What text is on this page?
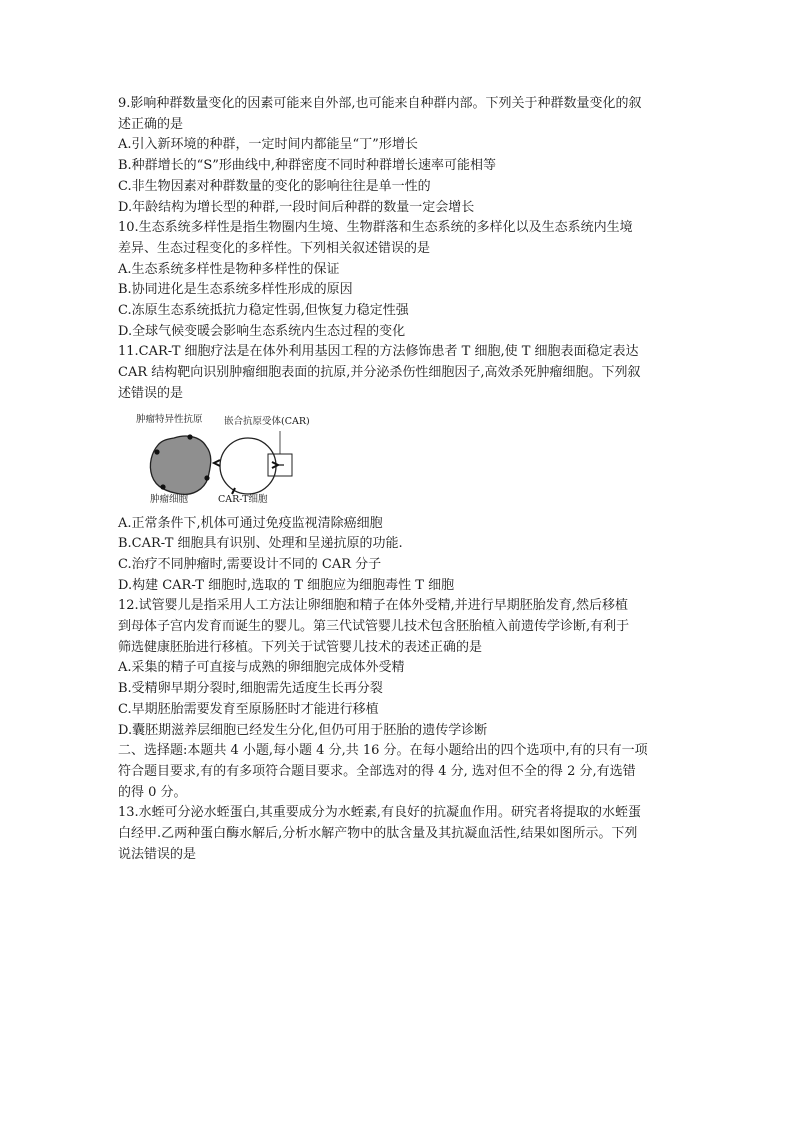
9.影响种群数量变化的因素可能来自外部,也可能来自种群内部。下列关于种群数量变化的叙

述正确的是

A.引入新环境的种群，一定时间内都能呈“丁”形增长

B.种群增长的“S”形曲线中,种群密度不同时种群增长速率可能相等

C.非生物因素对种群数量的变化的影响往往是单一性的

D.年龄结构为增长型的种群,一段时间后种群的数量一定会增长

10.生态系统多样性是指生物圈内生境、生物群落和生态系统的多样化以及生态系统内生境

差异、生态过程变化的多样性。下列相关叙述错误的是

A.生态系统多样性是物种多样性的保证

B.协同进化是生态系统多样性形成的原因

C.冻原生态系统抵抗力稳定性弱,但恢复力稳定性强

D.全球气候变暖会影响生态系统内生态过程的变化

11.CAR-T 细胞疗法是在体外利用基因工程的方法修饰患者 T 细胞,使 T 细胞表面稳定表达

CAR 结构靶向识别肿瘤细胞表面的抗原,并分泌杀伤性细胞因子,高效杀死肿瘤细胞。下列叙

述错误的是

肿瘤特异性抗原 嵌合抗原受体(CAR)
肿瘤细胞	CAR-T细胞

A.正常条件下,机体可通过免疫监视清除癌细胞

B.CAR-T 细胞具有识别、处理和呈递抗原的功能.

C.治疗不同肿瘤时,需要设计不同的 CAR 分子

D.构建 CAR-T 细胞时,选取的 T 细胞应为细胞毒性 T 细胞

12.试管婴儿是指采用人工方法让卵细胞和精子在体外受精,并进行早期胚胎发育,然后移植

到母体子宫内发育而诞生的婴儿。第三代试管婴儿技术包含胚胎植入前遗传学诊断,有利于

筛选健康胚胎进行移植。下列关于试管婴儿技术的表述正确的是

A.采集的精子可直接与成熟的卵细胞完成体外受精

B.受精卵早期分裂时,细胞需先适度生长再分裂

C.早期胚胎需要发育至原肠胚时才能进行移植

D.囊胚期滋养层细胞已经发生分化,但仍可用于胚胎的遗传学诊断

二、选择题:本题共 4 小题,每小题 4 分,共 16 分。在每小题给出的四个选项中,有的只有一项

符合题目要求,有的有多项符合题目要求。全部选对的得 4 分, 选对但不全的得 2 分,有选错

的得 0 分。

13.水蛭可分泌水蛭蛋白,其重要成分为水蛭素,有良好的抗凝血作用。研究者将提取的水蛭蛋

白经甲.乙两种蛋白酶水解后,分析水解产物中的肽含量及其抗凝血活性,结果如图所示。下列

说法错误的是
